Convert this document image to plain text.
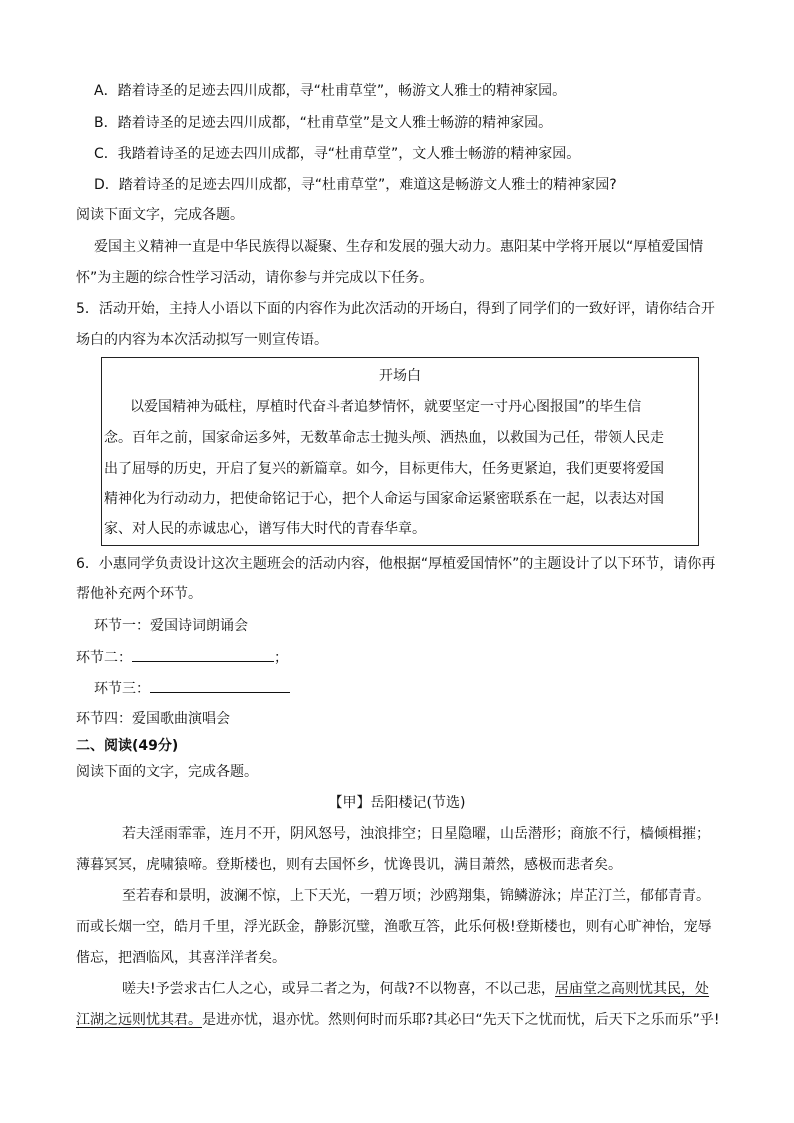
A．踏着诗圣的足迹去四川成都，寻“杜甫草堂”，畅游文人雅士的精神家园。
B．踏着诗圣的足迹去四川成都，“杜甫草堂”是文人雅士畅游的精神家园。
C．我踏着诗圣的足迹去四川成都，寻“杜甫草堂”，文人雅士畅游的精神家园。
D．踏着诗圣的足迹去四川成都，寻“杜甫草堂”，难道这是畅游文人雅士的精神家园?
阅读下面文字，完成各题。
爱国主义精神一直是中华民族得以凝聚、生存和发展的强大动力。惠阳某中学将开展以“厚植爱国情
怀”为主题的综合性学习活动，请你参与并完成以下任务。
5．活动开始，主持人小语以下面的内容作为此次活动的开场白，得到了同学们的一致好评，请你结合开
场白的内容为本次活动拟写一则宣传语。
开场白
以爱国精神为砥柱，厚植时代奋斗者追梦情怀，就要坚定一寸丹心图报国”的毕生信
念。百年之前，国家命运多舛，无数革命志士抛头颅、洒热血，以救国为己任，带领人民走
出了屈辱的历史，开启了复兴的新篇章。如今，目标更伟大，任务更紧迫，我们更要将爱国
精神化为行动动力，把使命铭记于心，把个人命运与国家命运紧密联系在一起，以表达对国
家、对人民的赤诚忠心，谱写伟大时代的青春华章。
6．小惠同学负责设计这次主题班会的活动内容，他根据“厚植爱国情怀”的主题设计了以下环节，请你再
帮他补充两个环节。
环节一：爱国诗词朗诵会
环节二：	；
环节三：
环节四：爱国歌曲演唱会
二、阅读(49分)
阅读下面的文字，完成各题。
【甲】岳阳楼记(节选)
若夫淫雨霏霏，连月不开，阴风怒号，浊浪排空；日星隐曜，山岳潜形；商旅不行，樯倾楫摧；
薄暮冥冥，虎啸猿啼。登斯楼也，则有去国怀乡，忧谗畏讥，满目萧然，感极而悲者矣。
至若春和景明，波澜不惊，上下天光，一碧万顷；沙鸥翔集，锦鳞游泳；岸芷汀兰，郁郁青青。
而或长烟一空，皓月千里，浮光跃金，静影沉璧，渔歌互答，此乐何极!登斯楼也，则有心旷神怡，宠辱
偕忘，把酒临风，其喜洋洋者矣。
嗟夫!予尝求古仁人之心，或异二者之为，何哉?不以物喜，不以己悲，居庙堂之高则忧其民，处
江湖之远则忧其君。是进亦忧，退亦忧。然则何时而乐耶?其必曰“先天下之忧而忧，后天下之乐而乐”乎!
